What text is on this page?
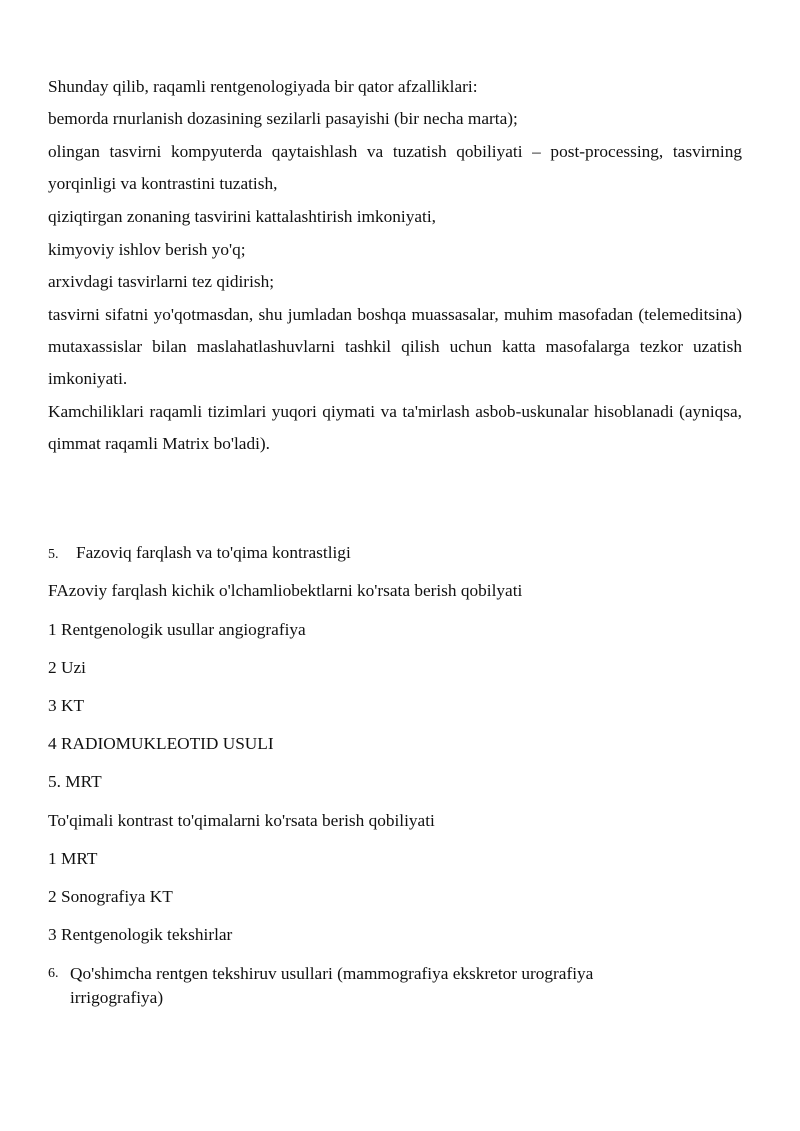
Shunday qilib, raqamli rentgenologiyada bir qator afzalliklari:
bemorda rnurlanish dozasining sezilarli pasayishi (bir necha marta);
olingan tasvirni kompyuterda qaytaishlash va tuzatish qobiliyati – post-processing, tasvirning yorqinligi va kontrastini tuzatish,
qiziqtirgan zonaning tasvirini kattalashtirish imkoniyati,
kimyoviy ishlov berish yo'q;
arxivdagi tasvirlarni tez qidirish;
tasvirni sifatni yo'qotmasdan, shu jumladan boshqa muassasalar, muhim masofadan (telemeditsina) mutaxassislar bilan maslahatlashuvlarni tashkil qilish uchun katta masofalarga tezkor uzatish imkoniyati.
Kamchiliklari raqamli tizimlari yuqori qiymati va ta'mirlash asbob-uskunalar hisoblanadi (ayniqsa, qimmat raqamli Matrix bo'ladi).
5. Fazoviq farqlash va to'qima kontrastligi
FAzoviy farqlash kichik o'lchamliobektlarni ko'rsata berish qobilyati
1 Rentgenologik usullar angiografiya
2 Uzi
3 KT
4 RADIOMUKLEOTID USULI
5. MRT
To'qimali kontrast to'qimalarni ko'rsata berish qobiliyati
1 MRT
2 Sonografiya KT
3 Rentgenologik tekshirlar
6. Qo'shimcha rentgen tekshiruv usullari (mammografiya ekskretor urografiya irrigografiya)
